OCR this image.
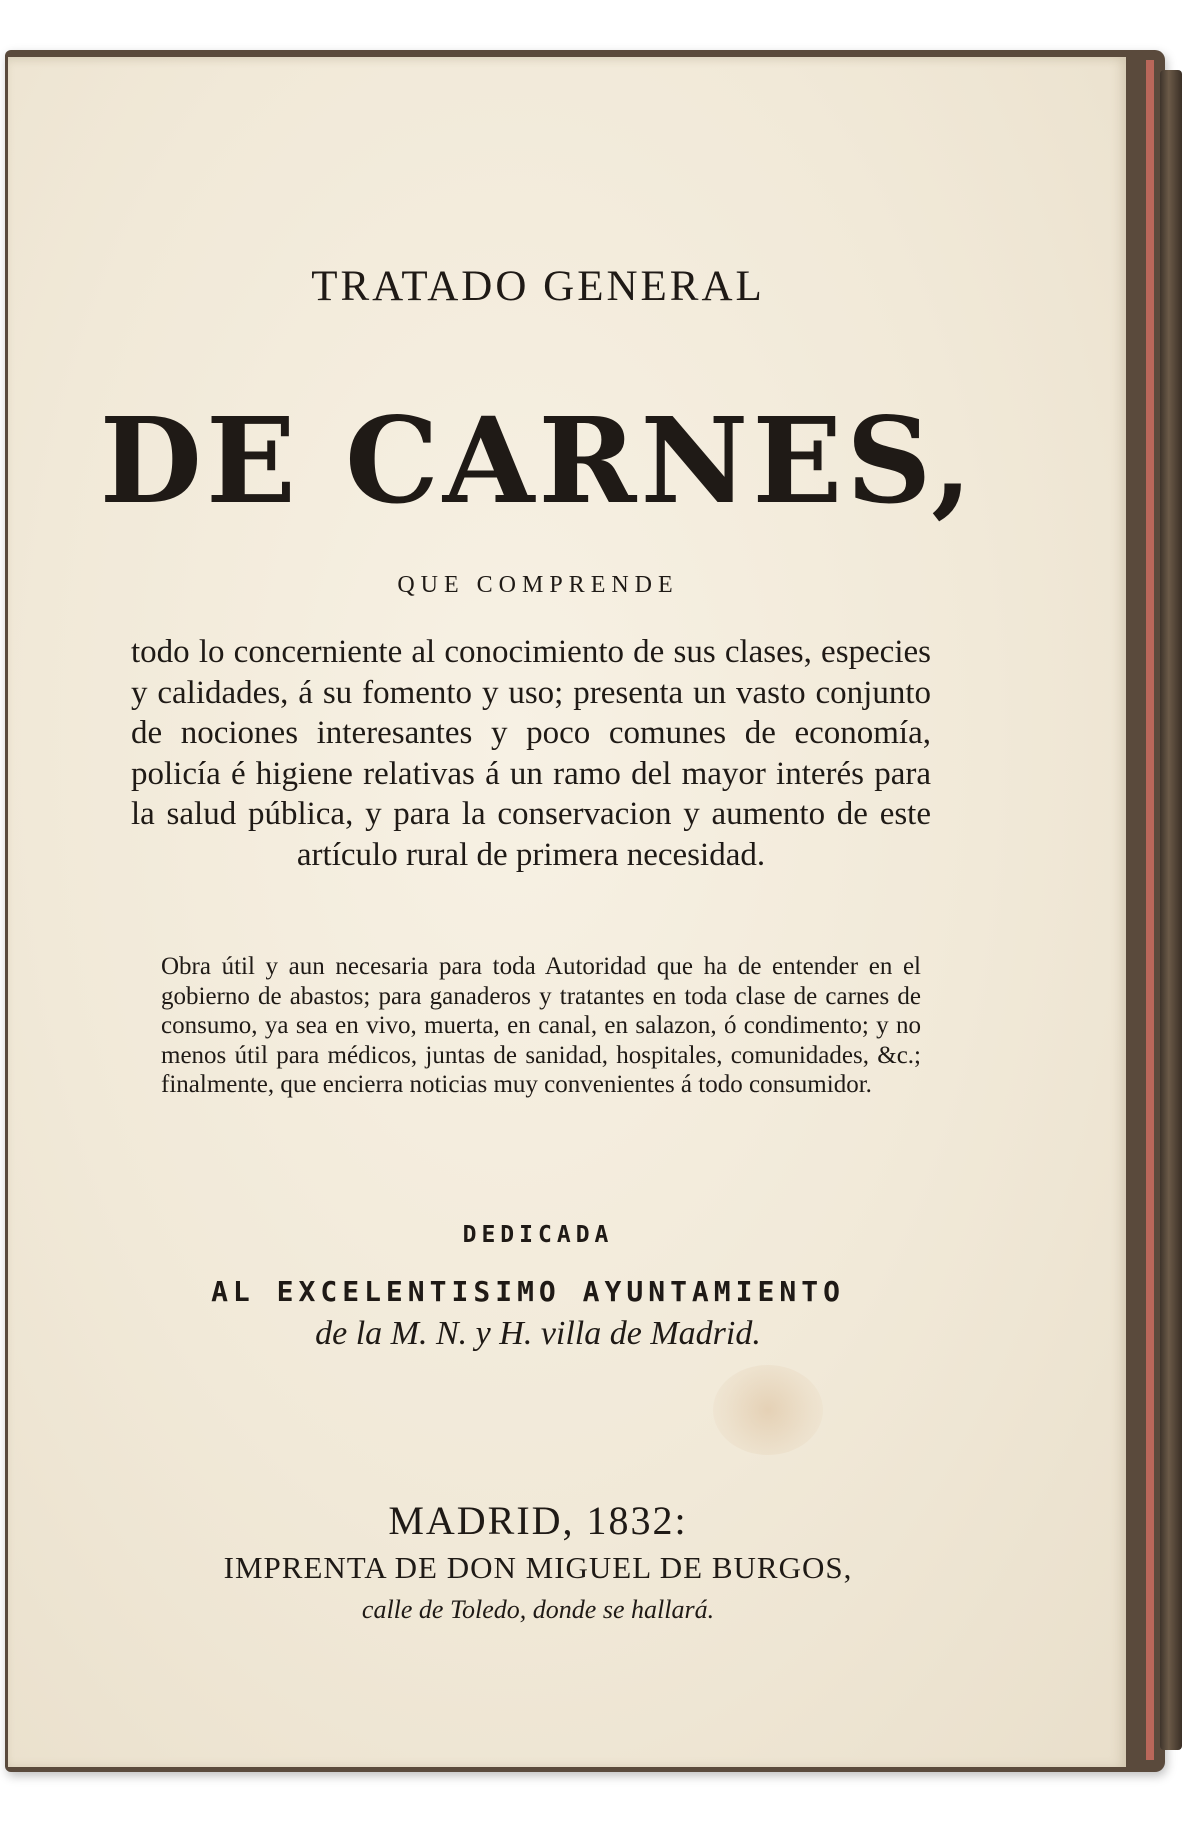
TRATADO GENERAL
DE CARNES,
QUE COMPRENDE
todo lo concerniente al conocimiento de sus clases, especies y calidades, á su fomento y uso; presenta un vasto conjunto de nociones interesantes y poco comunes de economía, policía é higiene relativas á un ramo del mayor interés para la salud pública, y para la conservacion y aumento de este artículo rural de primera necesidad.
Obra útil y aun necesaria para toda Autoridad que ha de entender en el gobierno de abastos; para ganaderos y tratantes en toda clase de carnes de consumo, ya sea en vivo, muerta, en canal, en salazon, ó condimento; y no menos útil para médicos, juntas de sanidad, hospitales, comunidades, &c.; finalmente, que encierra noticias muy convenientes á todo consumidor.
DEDICADA
AL EXCELENTISIMO AYUNTAMIENTO
de la M. N. y H. villa de Madrid.
MADRID, 1832:
IMPRENTA DE DON MIGUEL DE BURGOS,
calle de Toledo, donde se hallará.
